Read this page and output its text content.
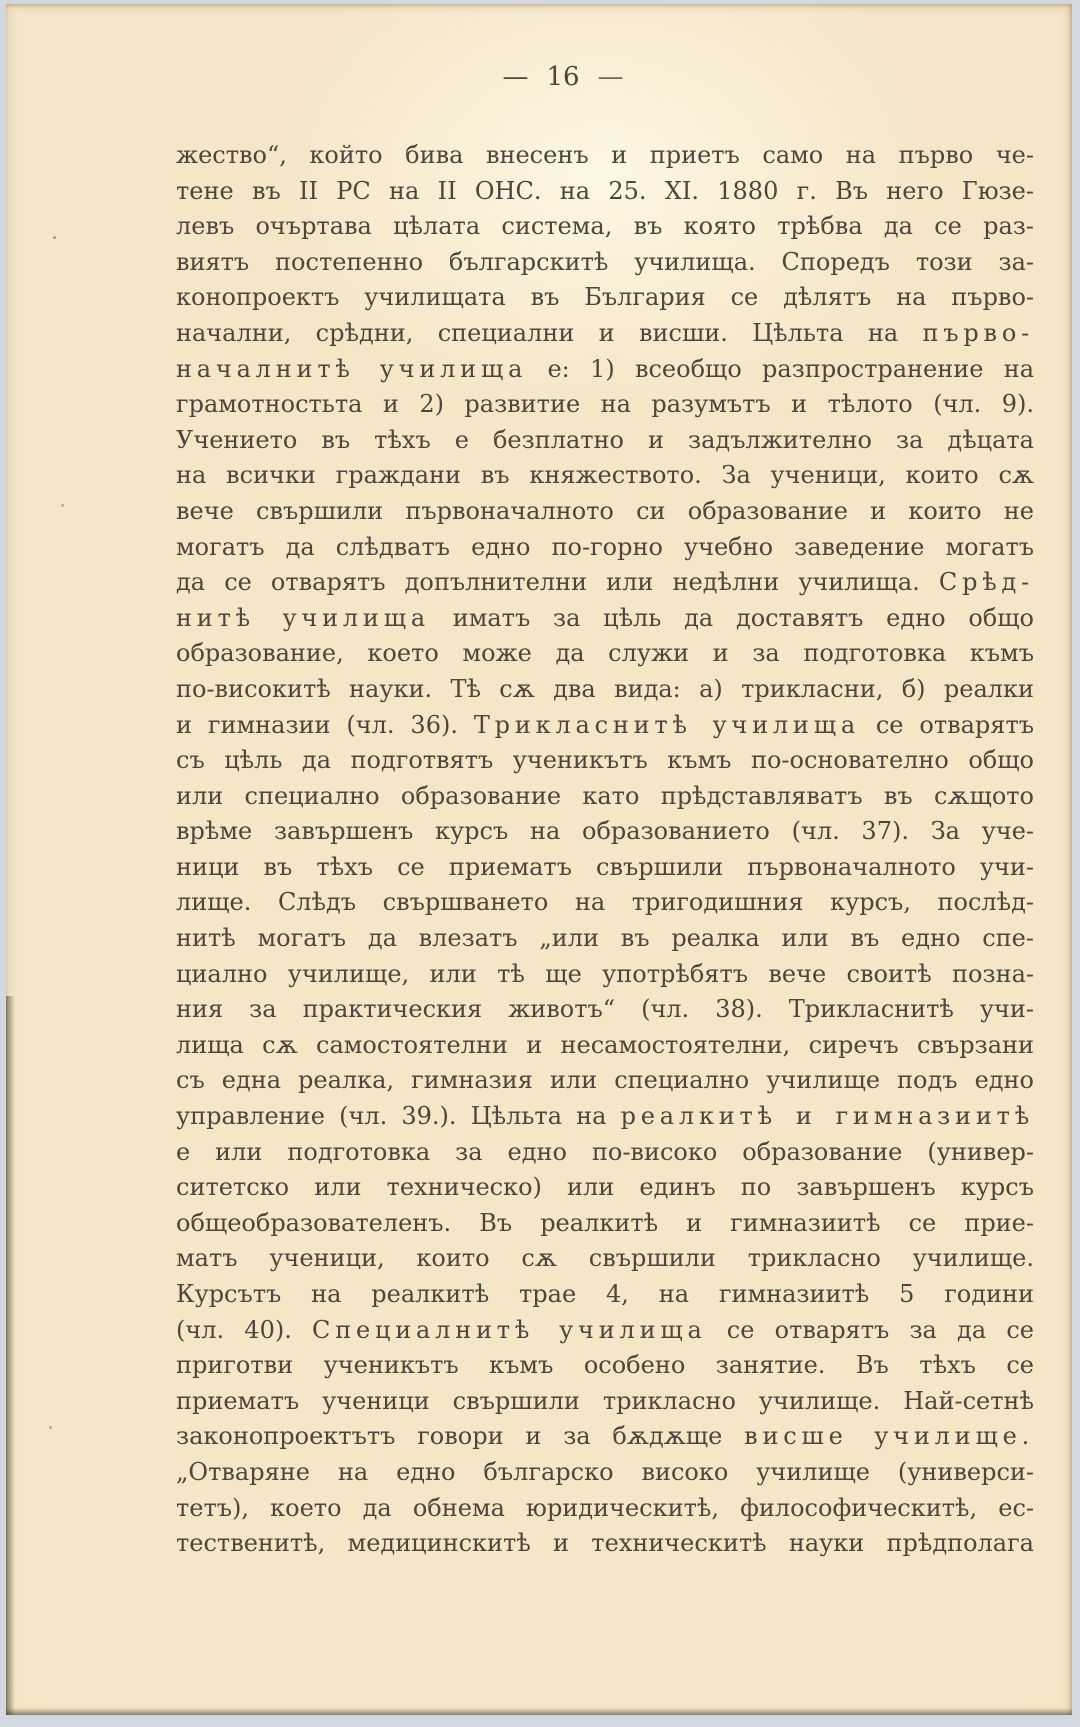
— 16 —
жество“, който бива внесенъ и приетъ само на първо че-
тене въ II РС на II ОНС. на 25. XI. 1880 г. Въ него Гюзе-
левъ очъртава цѣлата система, въ която трѣбва да се раз-
виятъ постепенно българскитѣ училища. Споредъ този за-
конопроектъ училищата въ България се дѣлятъ на първо-
начални, срѣдни, специални и висши. Цѣльта на първо-
началнитѣ училища е: 1) всеобщо разпространение на
грамотностьта и 2) развитие на разумътъ и тѣлото (чл. 9).
Учението въ тѣхъ е безплатно и задължително за дѣцата
на всички граждани въ княжеството. За ученици, които сѫ
вече свършили първоначалното си образование и които не
могатъ да слѣдватъ едно по-горно учебно заведение могатъ
да се отварятъ допълнителни или недѣлни училища. Срѣд-
нитѣ училища иматъ за цѣль да доставятъ едно общо
образование, което може да служи и за подготовка къмъ
по-високитѣ науки. Тѣ сѫ два вида: а) трикласни, б) реалки
и гимназии (чл. 36). Трикласнитѣ училища се отварятъ
съ цѣль да подготвятъ ученикътъ къмъ по-основателно общо
или специално образование като прѣдставляватъ въ сѫщото
врѣме завършенъ курсъ на образованието (чл. 37). За уче-
ници въ тѣхъ се приематъ свършили първоначалното учи-
лище. Слѣдъ свършването на тригодишния курсъ, послѣд-
нитѣ могатъ да влезатъ „или въ реалка или въ едно спе-
циално училище, или тѣ ще употрѣбятъ вече своитѣ позна-
ния за практическия животъ“ (чл. 38). Трикласнитѣ учи-
лища сѫ самостоятелни и несамостоятелни, сиречъ свързани
съ една реалка, гимназия или специално училище подъ едно
управление (чл. 39.). Цѣльта на реалкитѣ и гимназиитѣ
е или подготовка за едно по-високо образование (универ-
ситетско или техническо) или единъ по завършенъ курсъ
общеобразователенъ. Въ реалкитѣ и гимназиитѣ се прие-
матъ ученици, които сѫ свършили трикласно училище.
Курсътъ на реалкитѣ трае 4, на гимназиитѣ 5 години
(чл. 40). Специалнитѣ училища се отварятъ за да се
приготви ученикътъ къмъ особено занятие. Въ тѣхъ се
приематъ ученици свършили трикласно училище. Най-сетнѣ
законопроектътъ говори и за бѫдѫще висше училище.
„Отваряне на едно българско високо училище (универси-
тетъ), което да обнема юридическитѣ, философическитѣ, ес-
тественитѣ, медицинскитѣ и техническитѣ науки прѣдполага
